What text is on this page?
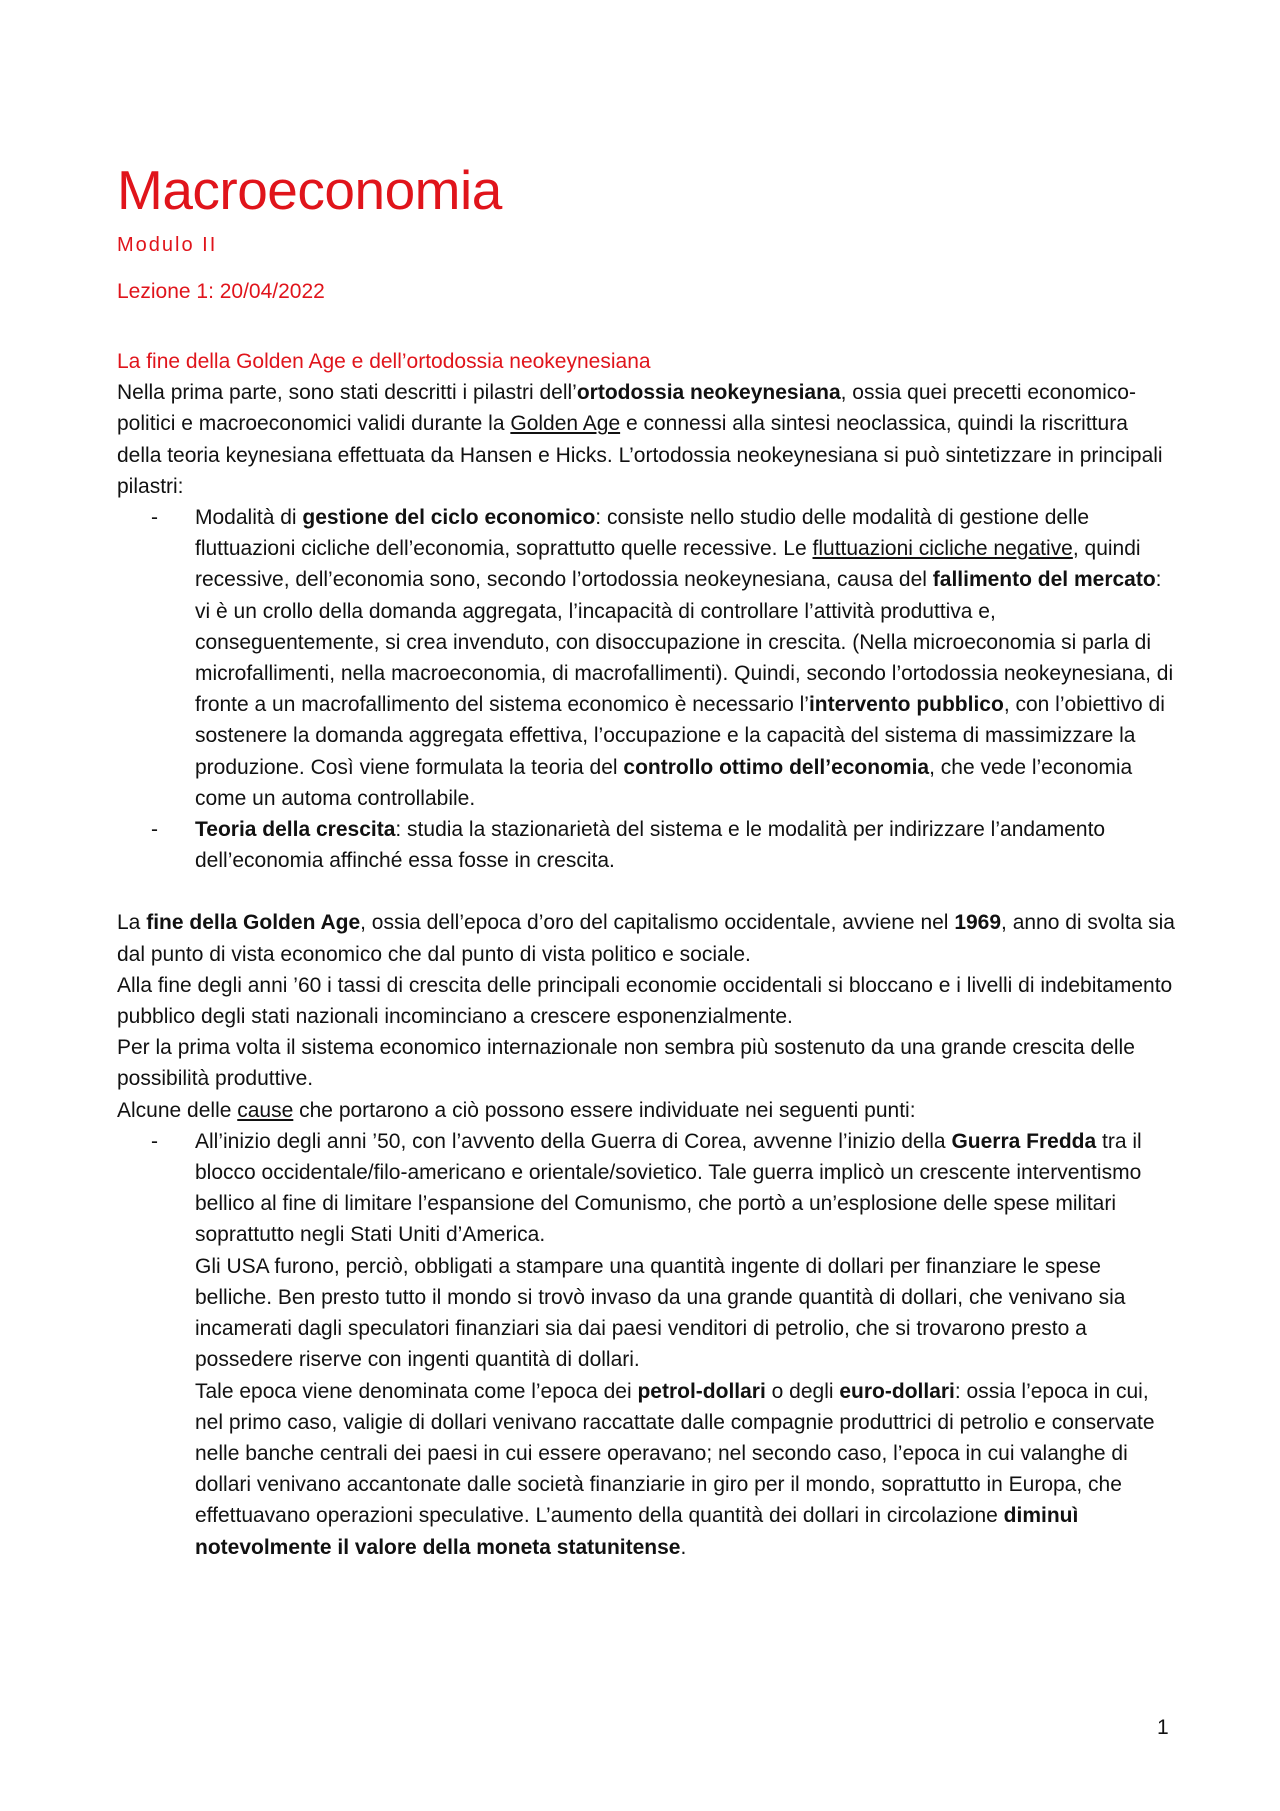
Macroeconomia
Modulo II
Lezione 1: 20/04/2022

La fine della Golden Age e dell’ortodossia neokeynesiana

Nella prima parte, sono stati descritti i pilastri dell’ortodossia neokeynesiana, ossia quei precetti economico-politici e macroeconomici validi durante la Golden Age e connessi alla sintesi neoclassica, quindi la riscrittura della teoria keynesiana effettuata da Hansen e Hicks. L’ortodossia neokeynesiana si può sintetizzare in principali pilastri:

- Modalità di gestione del ciclo economico: consiste nello studio delle modalità di gestione delle fluttuazioni cicliche dell’economia, soprattutto quelle recessive. Le fluttuazioni cicliche negative, quindi recessive, dell’economia sono, secondo l’ortodossia neokeynesiana, causa del fallimento del mercato: vi è un crollo della domanda aggregata, l’incapacità di controllare l’attività produttiva e, conseguentemente, si crea invenduto, con disoccupazione in crescita. (Nella microeconomia si parla di microfallimenti, nella macroeconomia, di macrofallimenti). Quindi, secondo l’ortodossia neokeynesiana, di fronte a un macrofallimento del sistema economico è necessario l’intervento pubblico, con l’obiettivo di sostenere la domanda aggregata effettiva, l’occupazione e la capacità del sistema di massimizzare la produzione. Così viene formulata la teoria del controllo ottimo dell’economia, che vede l’economia come un automa controllabile.
- Teoria della crescita: studia la stazionarietà del sistema e le modalità per indirizzare l’andamento dell’economia affinché essa fosse in crescita.

La fine della Golden Age, ossia dell’epoca d’oro del capitalismo occidentale, avviene nel 1969, anno di svolta sia dal punto di vista economico che dal punto di vista politico e sociale.

Alla fine degli anni ’60 i tassi di crescita delle principali economie occidentali si bloccano e i livelli di indebitamento pubblico degli stati nazionali incominciano a crescere esponenzialmente.

Per la prima volta il sistema economico internazionale non sembra più sostenuto da una grande crescita delle possibilità produttive.

Alcune delle cause che portarono a ciò possono essere individuate nei seguenti punti:

- All’inizio degli anni ’50, con l’avvento della Guerra di Corea, avvenne l’inizio della Guerra Fredda tra il blocco occidentale/filo-americano e orientale/sovietico. Tale guerra implicò un crescente interventismo bellico al fine di limitare l’espansione del Comunismo, che portò a un’esplosione delle spese militari soprattutto negli Stati Uniti d’America.
Gli USA furono, perciò, obbligati a stampare una quantità ingente di dollari per finanziare le spese belliche. Ben presto tutto il mondo si trovò invaso da una grande quantità di dollari, che venivano sia incamerati dagli speculatori finanziari sia dai paesi venditori di petrolio, che si trovarono presto a possedere riserve con ingenti quantità di dollari.
Tale epoca viene denominata come l’epoca dei petrol-dollari o degli euro-dollari: ossia l’epoca in cui, nel primo caso, valigie di dollari venivano raccattate dalle compagnie produttrici di petrolio e conservate nelle banche centrali dei paesi in cui essere operavano; nel secondo caso, l’epoca in cui valanghe di dollari venivano accantonate dalle società finanziarie in giro per il mondo, soprattutto in Europa, che effettuavano operazioni speculative. L’aumento della quantità dei dollari in circolazione diminuì notevolmente il valore della moneta statunitense.
1
